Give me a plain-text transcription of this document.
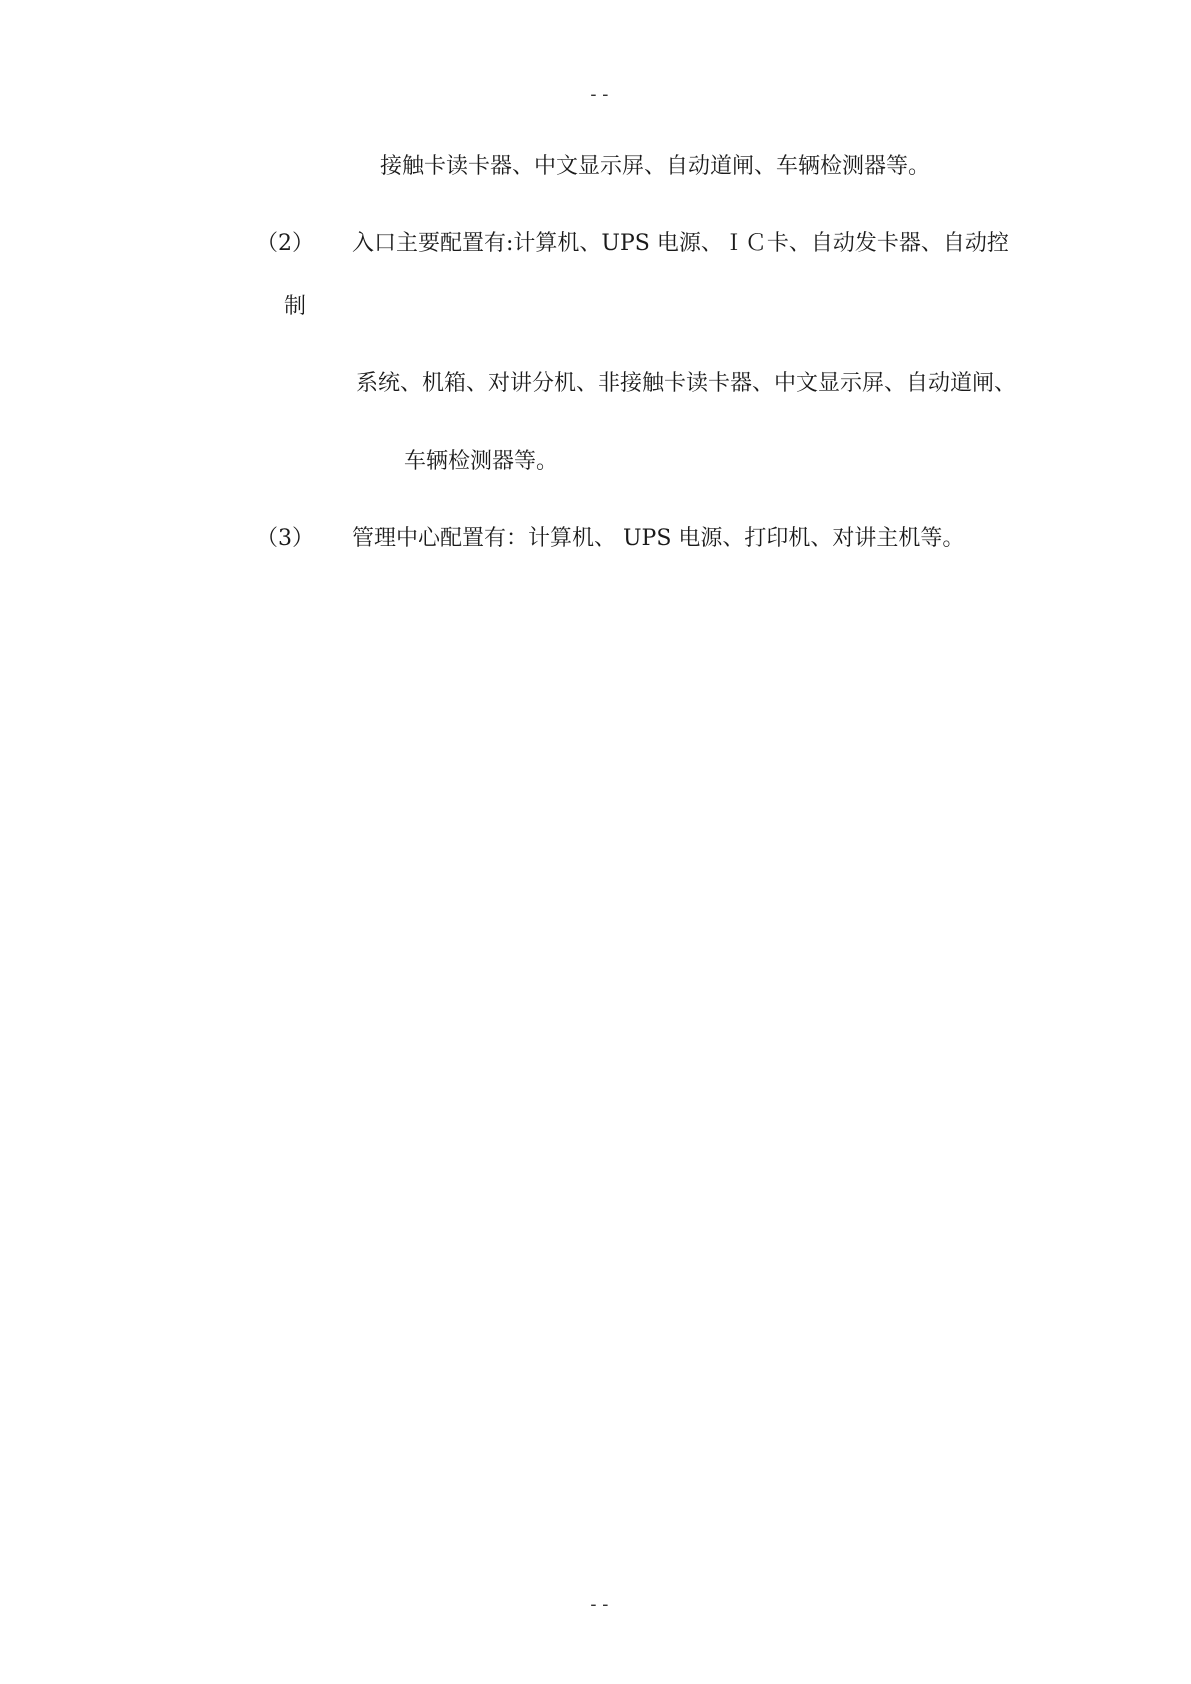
--
接触卡读卡器、中文显示屏、自动道闸、车辆检测器等。
（2） 入口主要配置有:计算机、UPS 电源、ＩＣ卡、自动发卡器、自动控
制
系统、机箱、对讲分机、非接触卡读卡器、中文显示屏、自动道闸、
车辆检测器等。
（3） 管理中心配置有：计算机、 UPS 电源、打印机、对讲主机等。
--
